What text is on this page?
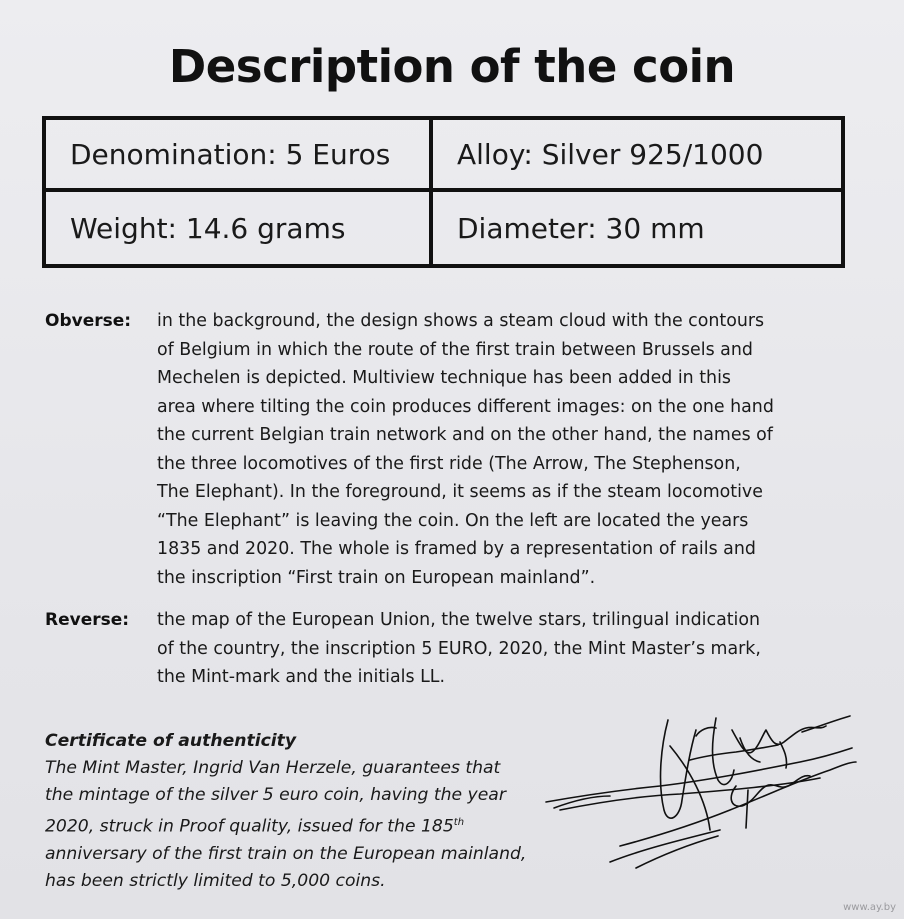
Description of the coin
Denomination: 5 Euros	Alloy: Silver 925/1000
Weight: 14.6 grams	Diameter: 30 mm
Obverse: in the background, the design shows a steam cloud with the contours
of Belgium in which the route of the first train between Brussels and
Mechelen is depicted. Multiview technique has been added in this
area where tilting the coin produces different images: on the one hand
the current Belgian train network and on the other hand, the names of
the three locomotives of the first ride (The Arrow, The Stephenson,
The Elephant). In the foreground, it seems as if the steam locomotive
“The Elephant” is leaving the coin. On the left are located the years
1835 and 2020. The whole is framed by a representation of rails and
the inscription “First train on European mainland”.
Reverse: the map of the European Union, the twelve stars, trilingual indication
of the country, the inscription 5 EURO, 2020, the Mint Master’s mark,
the Mint-mark and the initials LL.
Certificate of authenticity
The Mint Master, Ingrid Van Herzele, guarantees that
the mintage of the silver 5 euro coin, having the year
2020, struck in Proof quality, issued for the 185th
anniversary of the first train on the European mainland,
has been strictly limited to 5,000 coins.
www.ay.by
